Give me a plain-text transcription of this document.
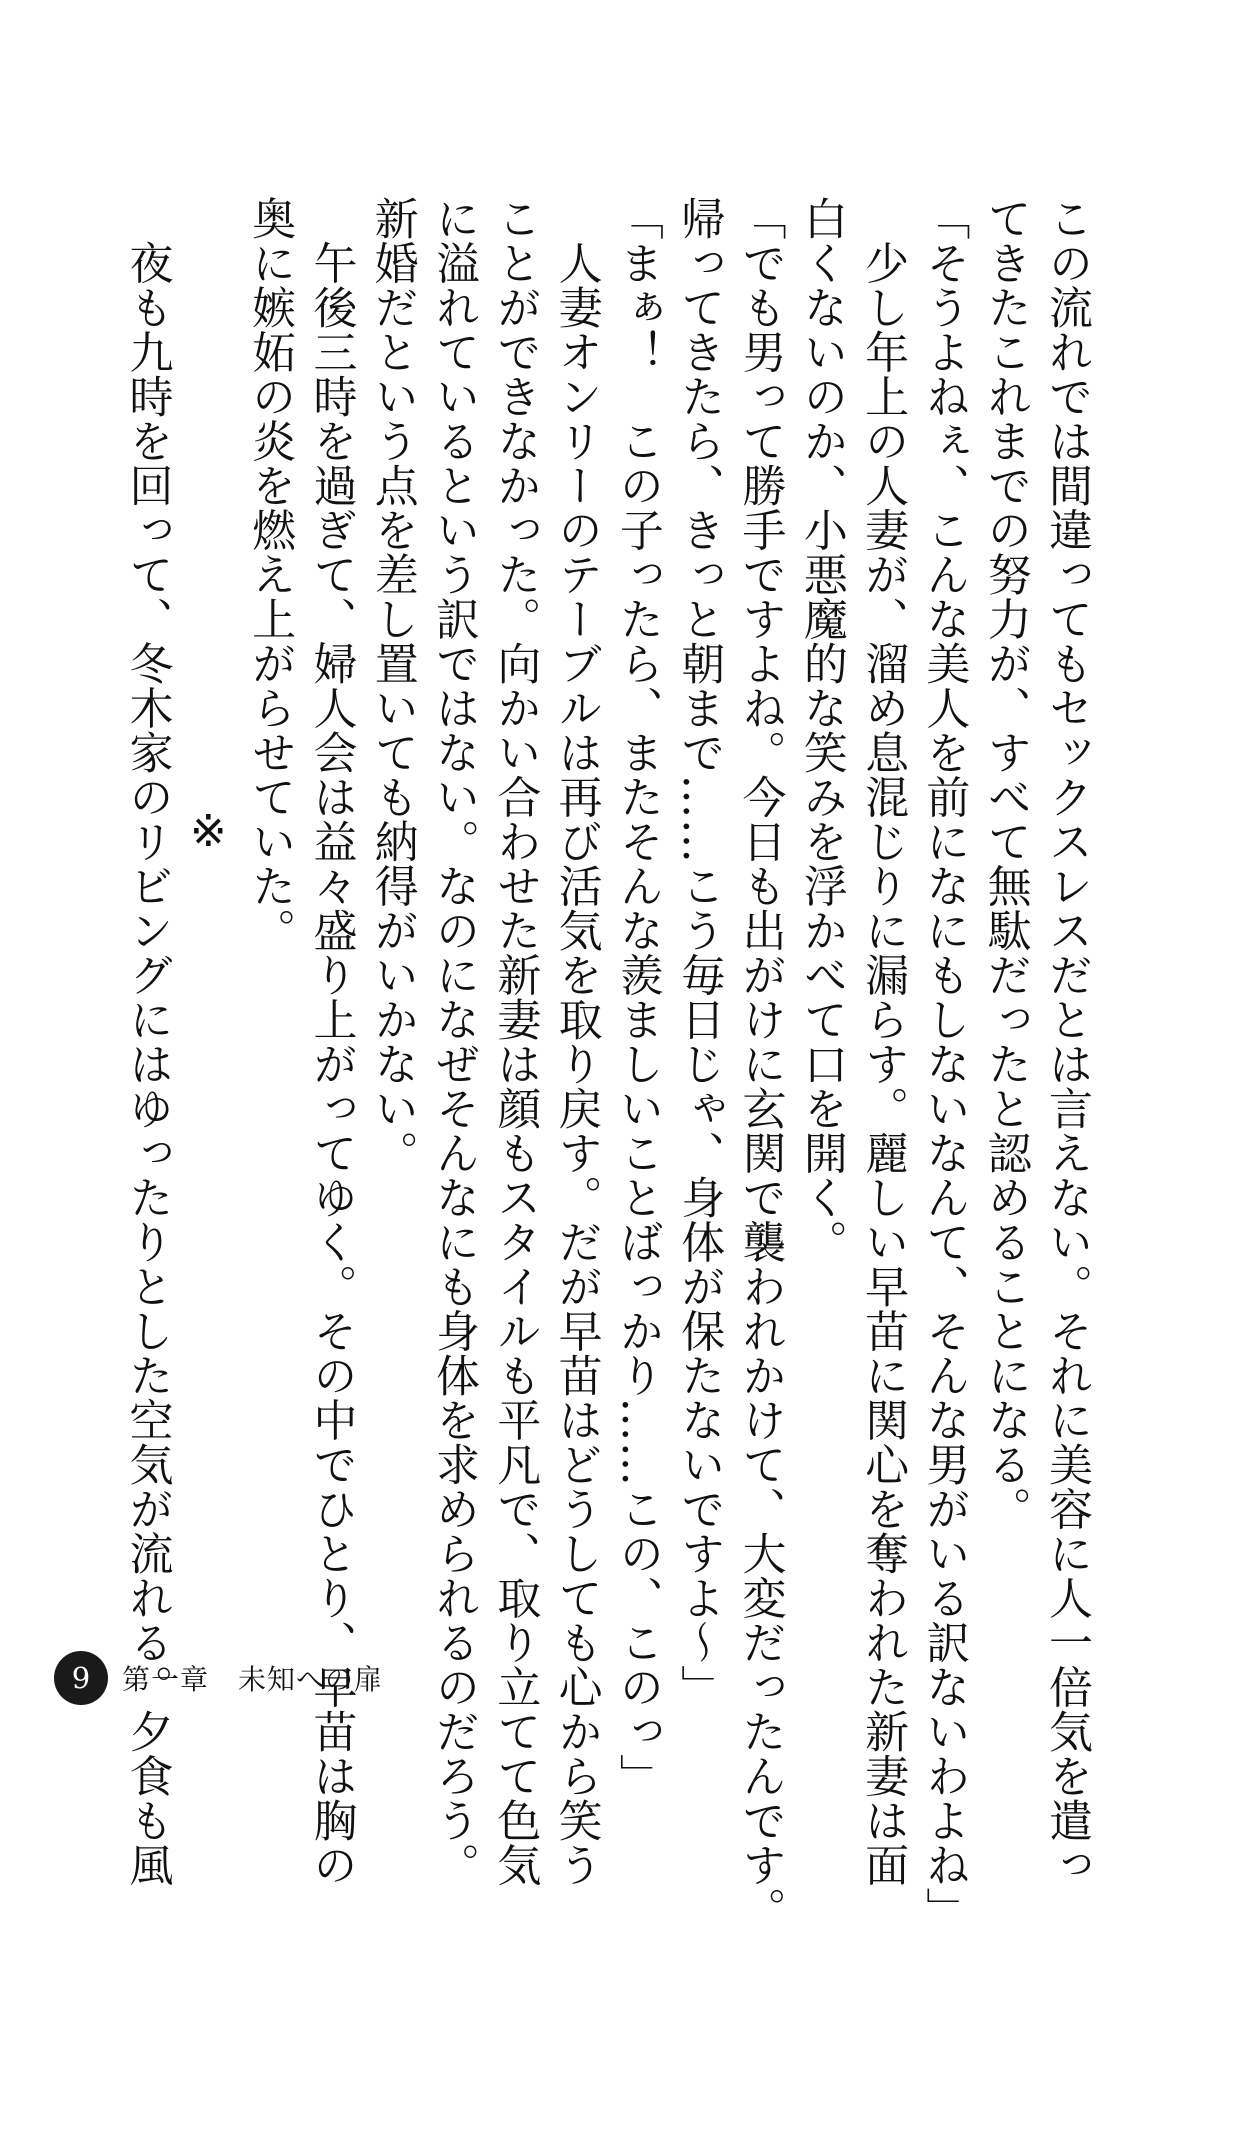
この流れでは間違ってもセックスレスだとは言えない。それに美容に人一倍気を遣っ
てきたこれまでの努力が、すべて無駄だったと認めることになる。
「そうよねぇ、こんな美人を前になにもしないなんて、そんな男がいる訳ないわよね」
　少し年上の人妻が、溜め息混じりに漏らす。麗しい早苗に関心を奪われた新妻は面
白くないのか、小悪魔的な笑みを浮かべて口を開く。
「でも男って勝手ですよね。今日も出がけに玄関で襲われかけて、大変だったんです。
帰ってきたら、きっと朝まで……こう毎日じゃ、身体が保たないですよ～」
「まぁ！　この子ったら、またそんな羨ましいことばっかり……この、このっ」
　人妻オンリーのテーブルは再び活気を取り戻す。だが早苗はどうしても心から笑う
ことができなかった。向かい合わせた新妻は顔もスタイルも平凡で、取り立てて色気
に溢れているという訳ではない。なのになぜそんなにも身体を求められるのだろう。
新婚だという点を差し置いても納得がいかない。
　午後三時を過ぎて、婦人会は益々盛り上がってゆく。その中でひとり、早苗は胸の
奥に嫉妬の炎を燃え上がらせていた。
※
　夜も九時を回って、冬木家のリビングにはゆったりとした空気が流れる。夕食も風
9	第一章　未知への扉
